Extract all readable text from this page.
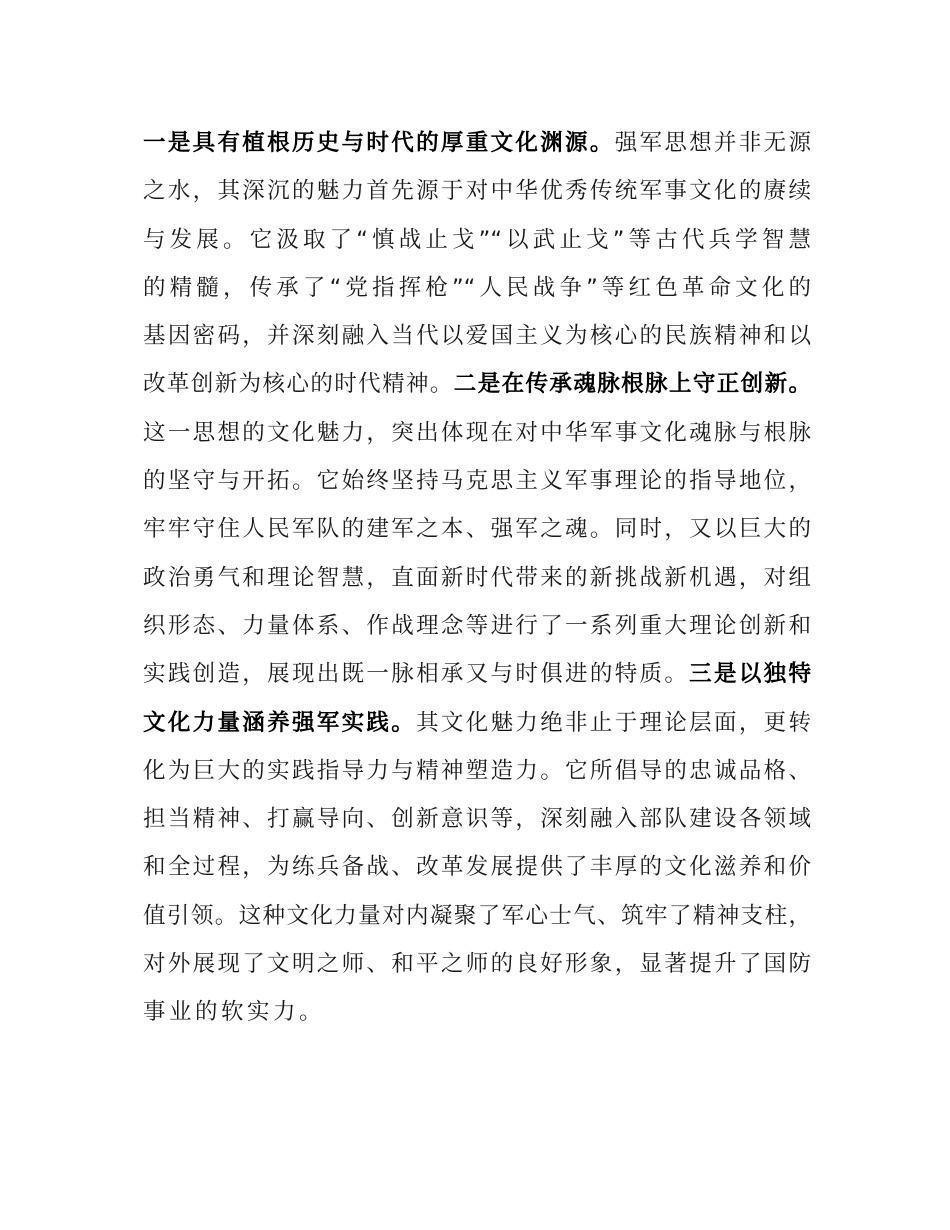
一是具有植根历史与时代的厚重文化渊源。强军思想并非无源
之水，其深沉的魅力首先源于对中华优秀传统军事文化的赓续
与发展。它汲取了“慎战止戈”“以武止戈”等古代兵学智慧
的精髓，传承了“党指挥枪”“人民战争”等红色革命文化的
基因密码，并深刻融入当代以爱国主义为核心的民族精神和以
改革创新为核心的时代精神。二是在传承魂脉根脉上守正创新。
这一思想的文化魅力，突出体现在对中华军事文化魂脉与根脉
的坚守与开拓。它始终坚持马克思主义军事理论的指导地位，
牢牢守住人民军队的建军之本、强军之魂。同时，又以巨大的
政治勇气和理论智慧，直面新时代带来的新挑战新机遇，对组
织形态、力量体系、作战理念等进行了一系列重大理论创新和
实践创造，展现出既一脉相承又与时俱进的特质。三是以独特
文化力量涵养强军实践。其文化魅力绝非止于理论层面，更转
化为巨大的实践指导力与精神塑造力。它所倡导的忠诚品格、
担当精神、打赢导向、创新意识等，深刻融入部队建设各领域
和全过程，为练兵备战、改革发展提供了丰厚的文化滋养和价
值引领。这种文化力量对内凝聚了军心士气、筑牢了精神支柱，
对外展现了文明之师、和平之师的良好形象，显著提升了国防
事业的软实力。
